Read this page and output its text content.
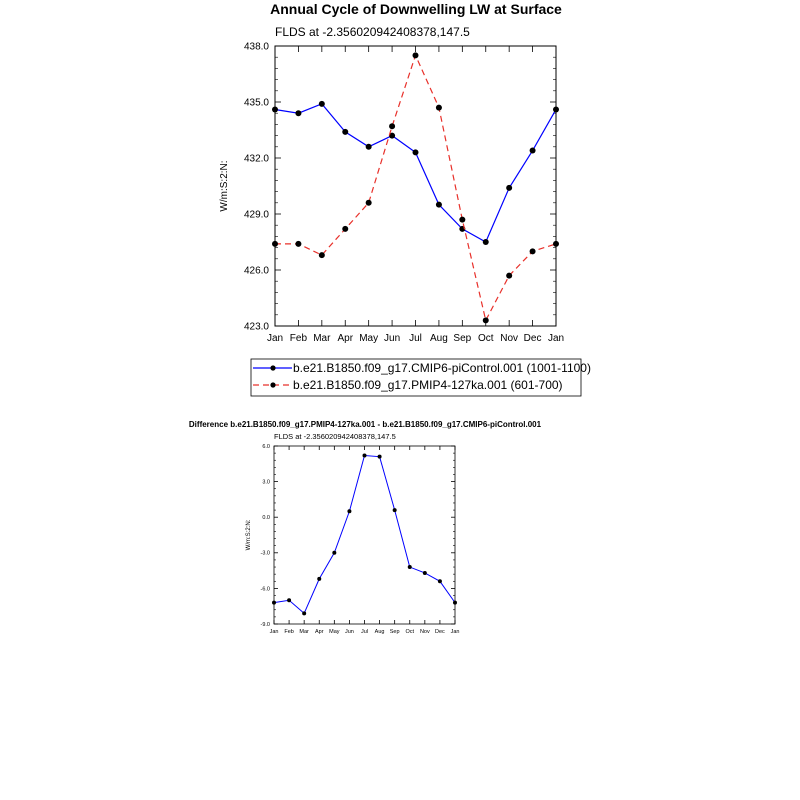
Annual Cycle of Downwelling LW at Surface
FLDS at -2.356020942408378,147.5
W/m:S:2:N:
423.0
426.0
429.0
432.0
435.0
438.0
Jan Feb Mar Apr May Jun Jul Aug Sep Oct Nov Dec Jan
b.e21.B1850.f09_g17.CMIP6-piControl.001 (1001-1100)
b.e21.B1850.f09_g17.PMIP4-127ka.001 (601-700)
Difference b.e21.B1850.f09_g17.PMIP4-127ka.001 - b.e21.B1850.f09_g17.CMIP6-piControl.001
FLDS at -2.356020942408378,147.5
W/m:S:2:N:
-9.0
-6.0
-3.0
0.0
3.0
6.0
Jan Feb Mar Apr May Jun Jul Aug Sep Oct Nov Dec Jan
